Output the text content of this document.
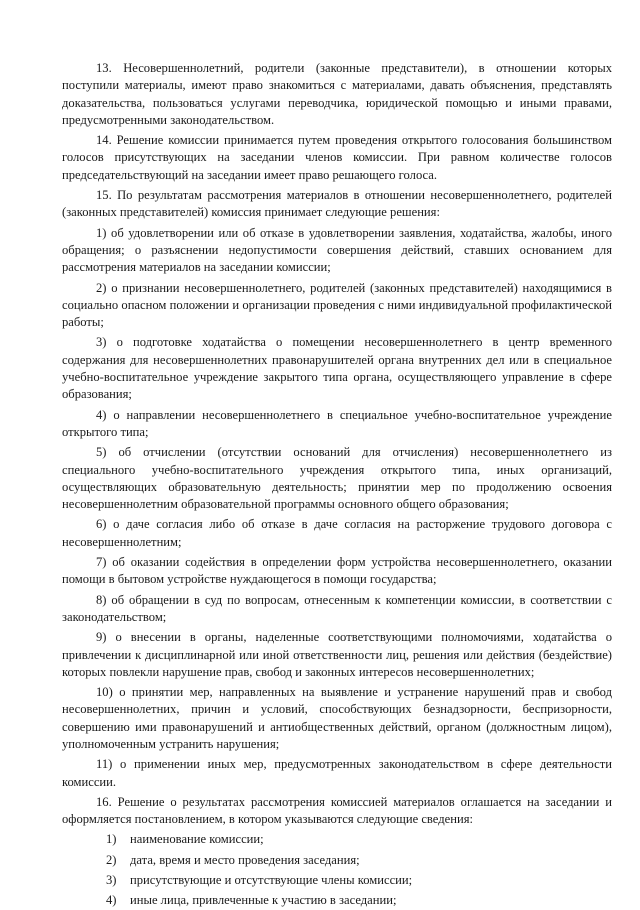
13. Несовершеннолетний, родители (законные представители), в отношении которых поступили материалы, имеют право знакомиться с материалами, давать объяснения, представлять доказательства, пользоваться услугами переводчика, юридической помощью и иными правами, предусмотренными законодательством.

14. Решение комиссии принимается путем проведения открытого голосования большинством голосов присутствующих на заседании членов комиссии. При равном количестве голосов председательствующий на заседании имеет право решающего голоса.

15. По результатам рассмотрения материалов в отношении несовершеннолетнего, родителей (законных представителей) комиссия принимает следующие решения:

1) об удовлетворении или об отказе в удовлетворении заявления, ходатайства, жалобы, иного обращения; о разъяснении недопустимости совершения действий, ставших основанием для рассмотрения материалов на заседании комиссии;

2) о признании несовершеннолетнего, родителей (законных представителей) находящимися в социально опасном положении и организации проведения с ними индивидуальной профилактической работы;

3) о подготовке ходатайства о помещении несовершеннолетнего в центр временного содержания для несовершеннолетних правонарушителей органа внутренних дел или в специальное учебно-воспитательное учреждение закрытого типа органа, осуществляющего управление в сфере образования;

4) о направлении несовершеннолетнего в специальное учебно-воспитательное учреждение открытого типа;

5) об отчислении (отсутствии оснований для отчисления) несовершеннолетнего из специального учебно-воспитательного учреждения открытого типа, иных организаций, осуществляющих образовательную деятельность; принятии мер по продолжению освоения несовершеннолетним образовательной программы основного общего образования;

6) о даче согласия либо об отказе в даче согласия на расторжение трудового договора с несовершеннолетним;

7) об оказании содействия в определении форм устройства несовершеннолетнего, оказании помощи в бытовом устройстве нуждающегося в помощи государства;

8) об обращении в суд по вопросам, отнесенным к компетенции комиссии, в соответствии с законодательством;

9) о внесении в органы, наделенные соответствующими полномочиями, ходатайства о привлечении к дисциплинарной или иной ответственности лиц, решения или действия (бездействие) которых повлекли нарушение прав, свобод и законных интересов несовершеннолетних;

10) о принятии мер, направленных на выявление и устранение нарушений прав и свобод несовершеннолетних, причин и условий, способствующих безнадзорности, беспризорности, совершению ими правонарушений и антиобщественных действий, органом (должностным лицом), уполномоченным устранить нарушения;

11) о применении иных мер, предусмотренных законодательством в сфере деятельности комиссии.

16. Решение о результатах рассмотрения комиссией материалов оглашается на заседании и оформляется постановлением, в котором указываются следующие сведения:

1) наименование комиссии;

2) дата, время и место проведения заседания;

3) присутствующие и отсутствующие члены комиссии;

4) иные лица, привлеченные к участию в заседании;
